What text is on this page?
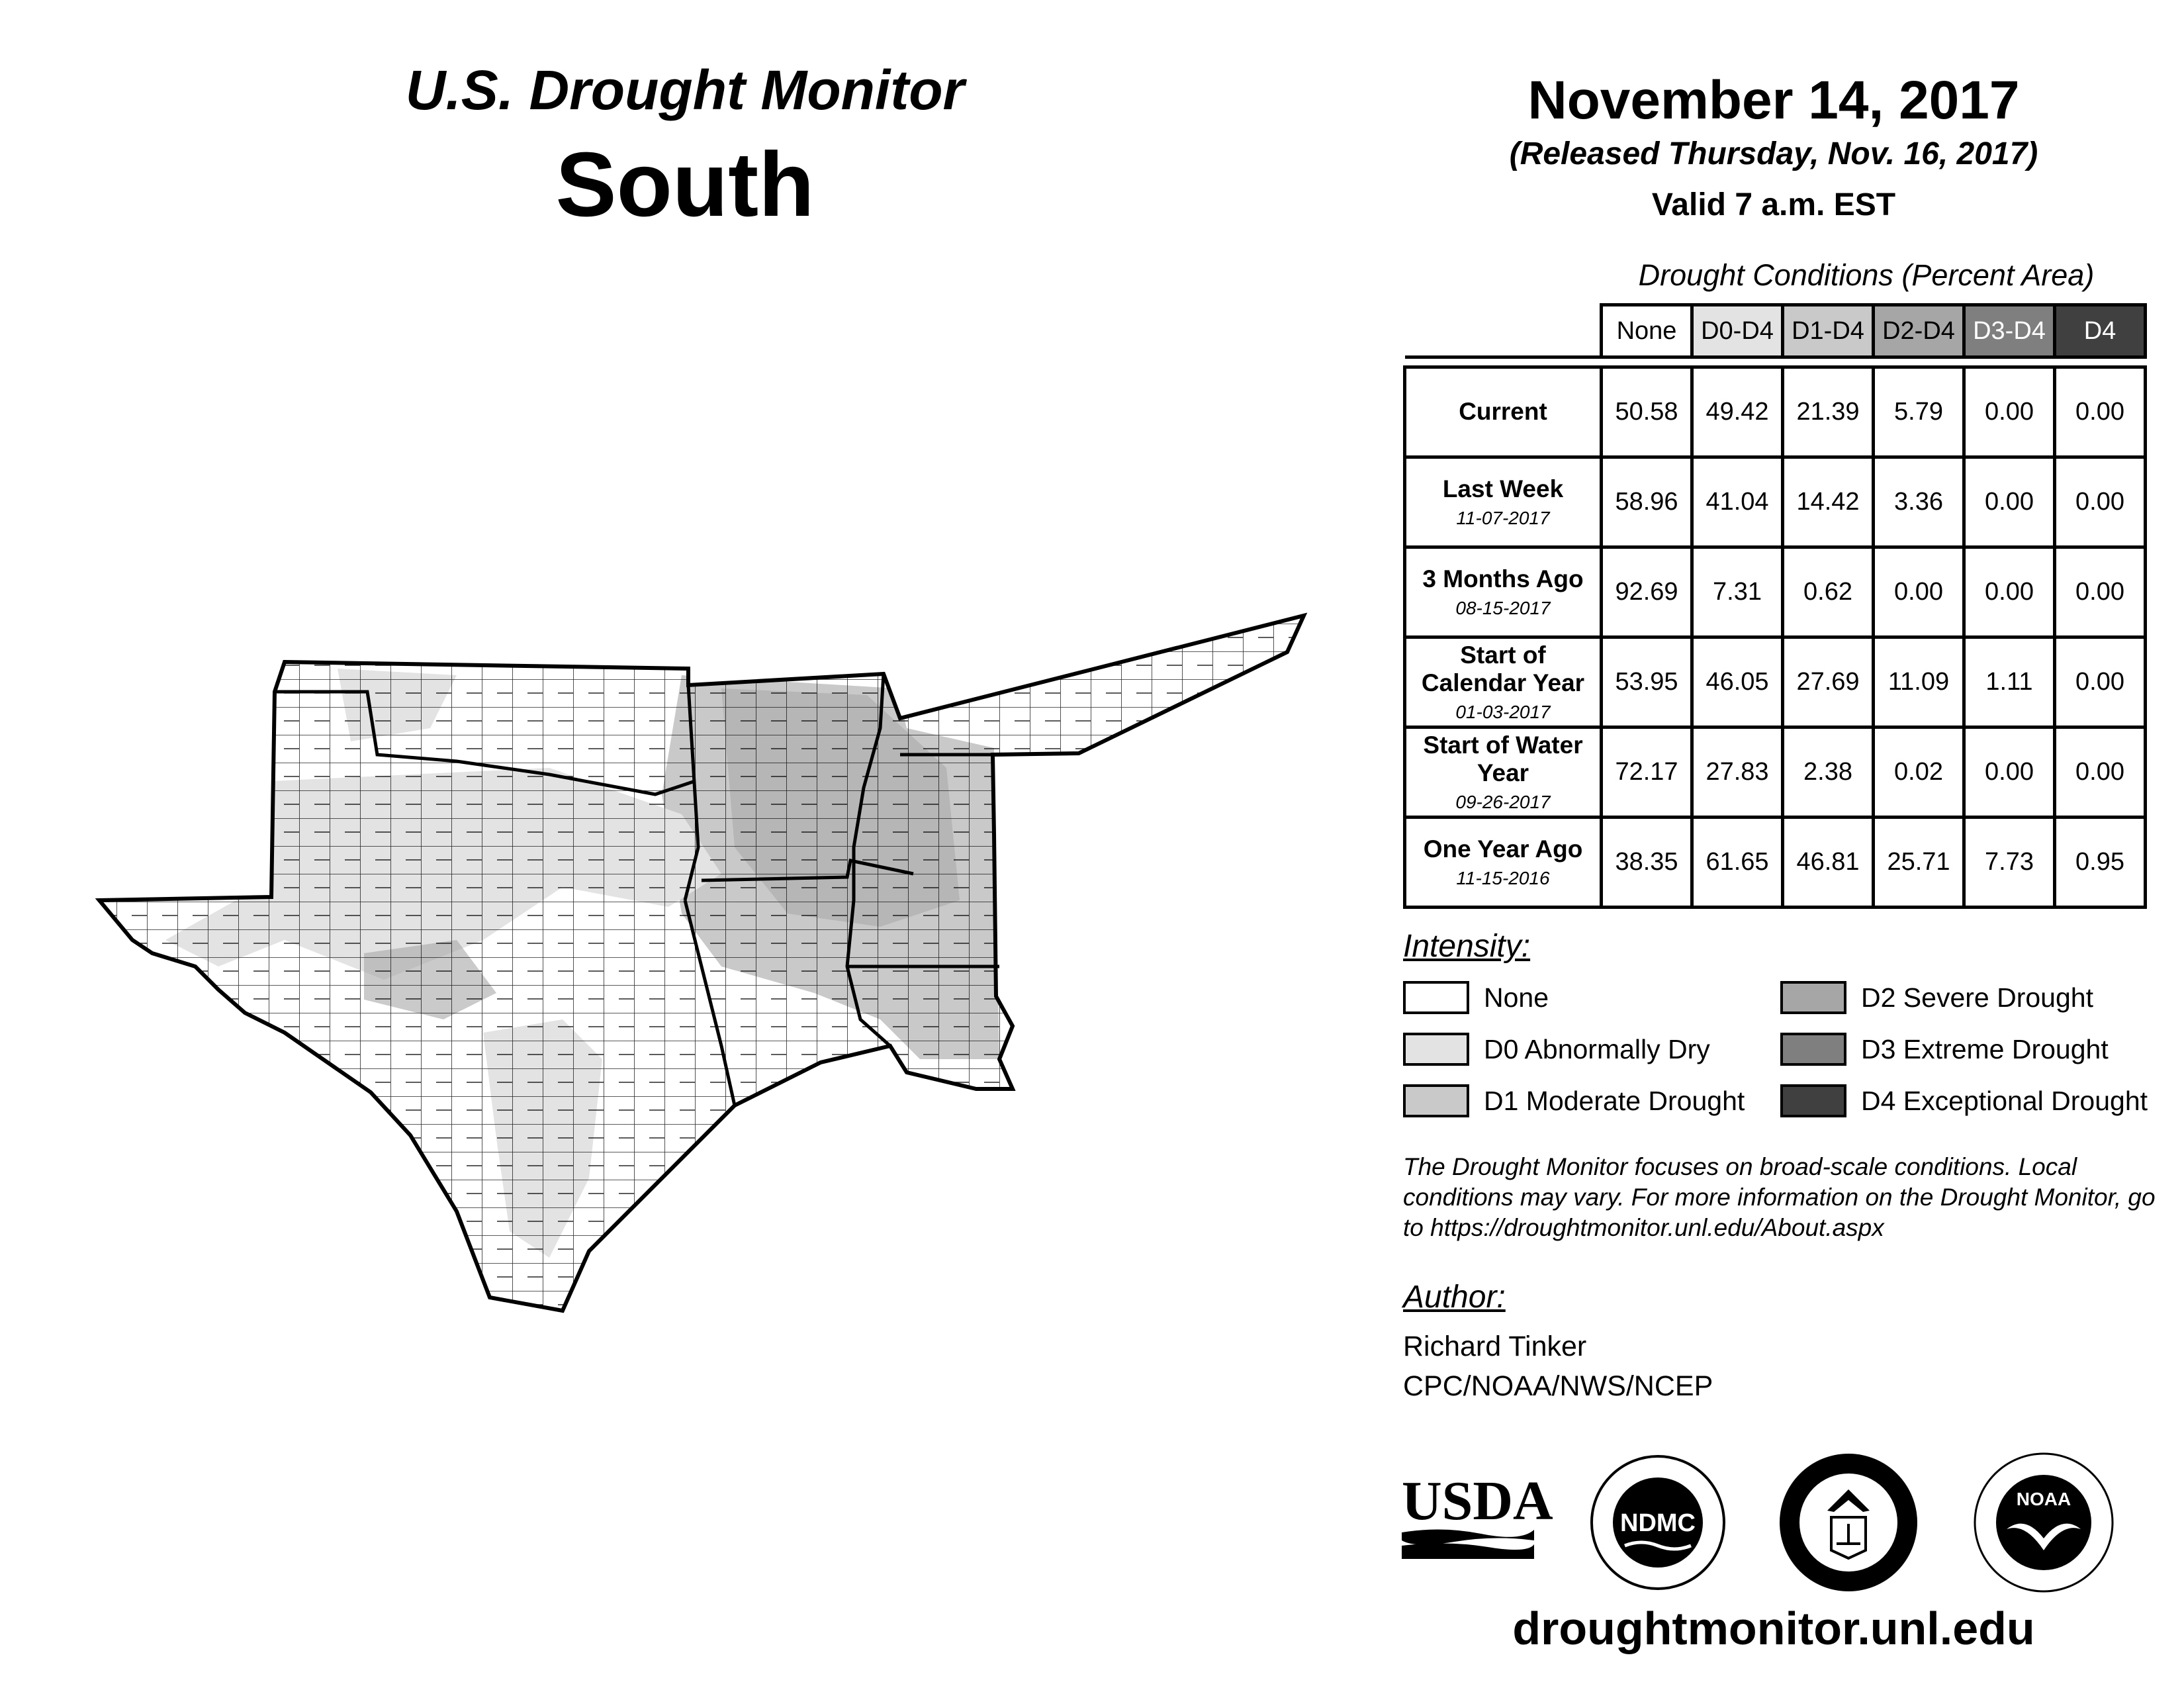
U.S. Drought Monitor
South
November 14, 2017
(Released Thursday, Nov. 16, 2017)
Valid 7 a.m. EST
Drought Conditions (Percent Area)
	None	D0-D4	D1-D4	D2-D4	D3-D4	D4

Current	50.58	49.42	21.39	5.79	0.00	0.00
Last Week
11-07-2017	58.96	41.04	14.42	3.36	0.00	0.00
3 Months Ago
08-15-2017	92.69	7.31	0.62	0.00	0.00	0.00
Start of Calendar Year
01-03-2017	53.95	46.05	27.69	11.09	1.11	0.00
Start of Water Year
09-26-2017	72.17	27.83	2.38	0.02	0.00	0.00
One Year Ago
11-15-2016	38.35	61.65	46.81	25.71	7.73	0.95
Intensity:
None
D0 Abnormally Dry
D1 Moderate Drought
D2 Severe Drought
D3 Extreme Drought
D4 Exceptional Drought
The Drought Monitor focuses on broad-scale conditions. Local conditions may vary. For more information on the Drought Monitor, go to https://droughtmonitor.unl.edu/About.aspx
Author:
Richard Tinker
CPC/NOAA/NWS/NCEP
USDA	NDMC
NOAA
droughtmonitor.unl.edu
